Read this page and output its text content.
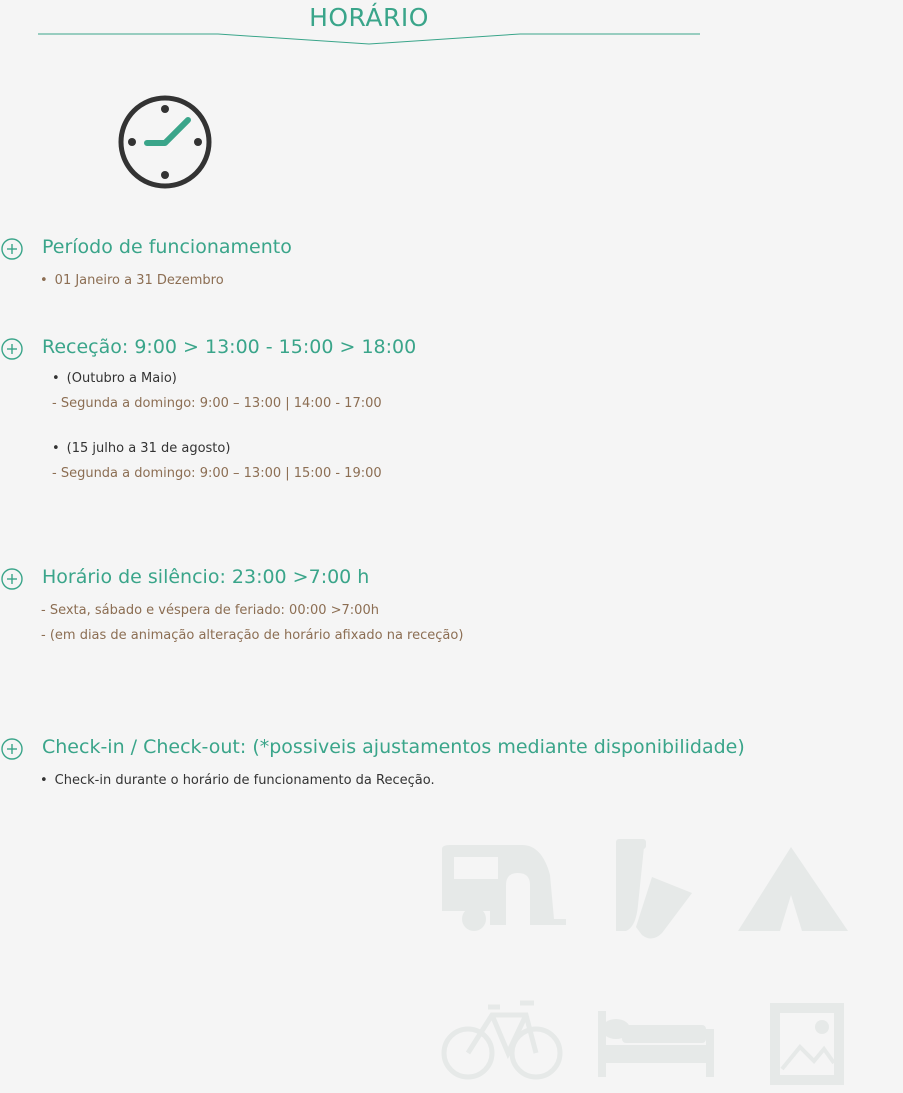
HORÁRIO
Período de funcionamento
• 01 Janeiro a 31 Dezembro
Receção: 9:00 > 13:00 - 15:00 > 18:00
• (Outubro a Maio)
- Segunda a domingo: 9:00 – 13:00 | 14:00 - 17:00
• (15 julho a 31 de agosto)
- Segunda a domingo: 9:00 – 13:00 | 15:00 - 19:00
Horário de silêncio: 23:00 >7:00 h
- Sexta, sábado e véspera de feriado: 00:00 >7:00h
- (em dias de animação alteração de horário afixado na receção)
Check-in / Check-out: (*possiveis ajustamentos mediante disponibilidade)
• Check-in durante o horário de funcionamento da Receção.
